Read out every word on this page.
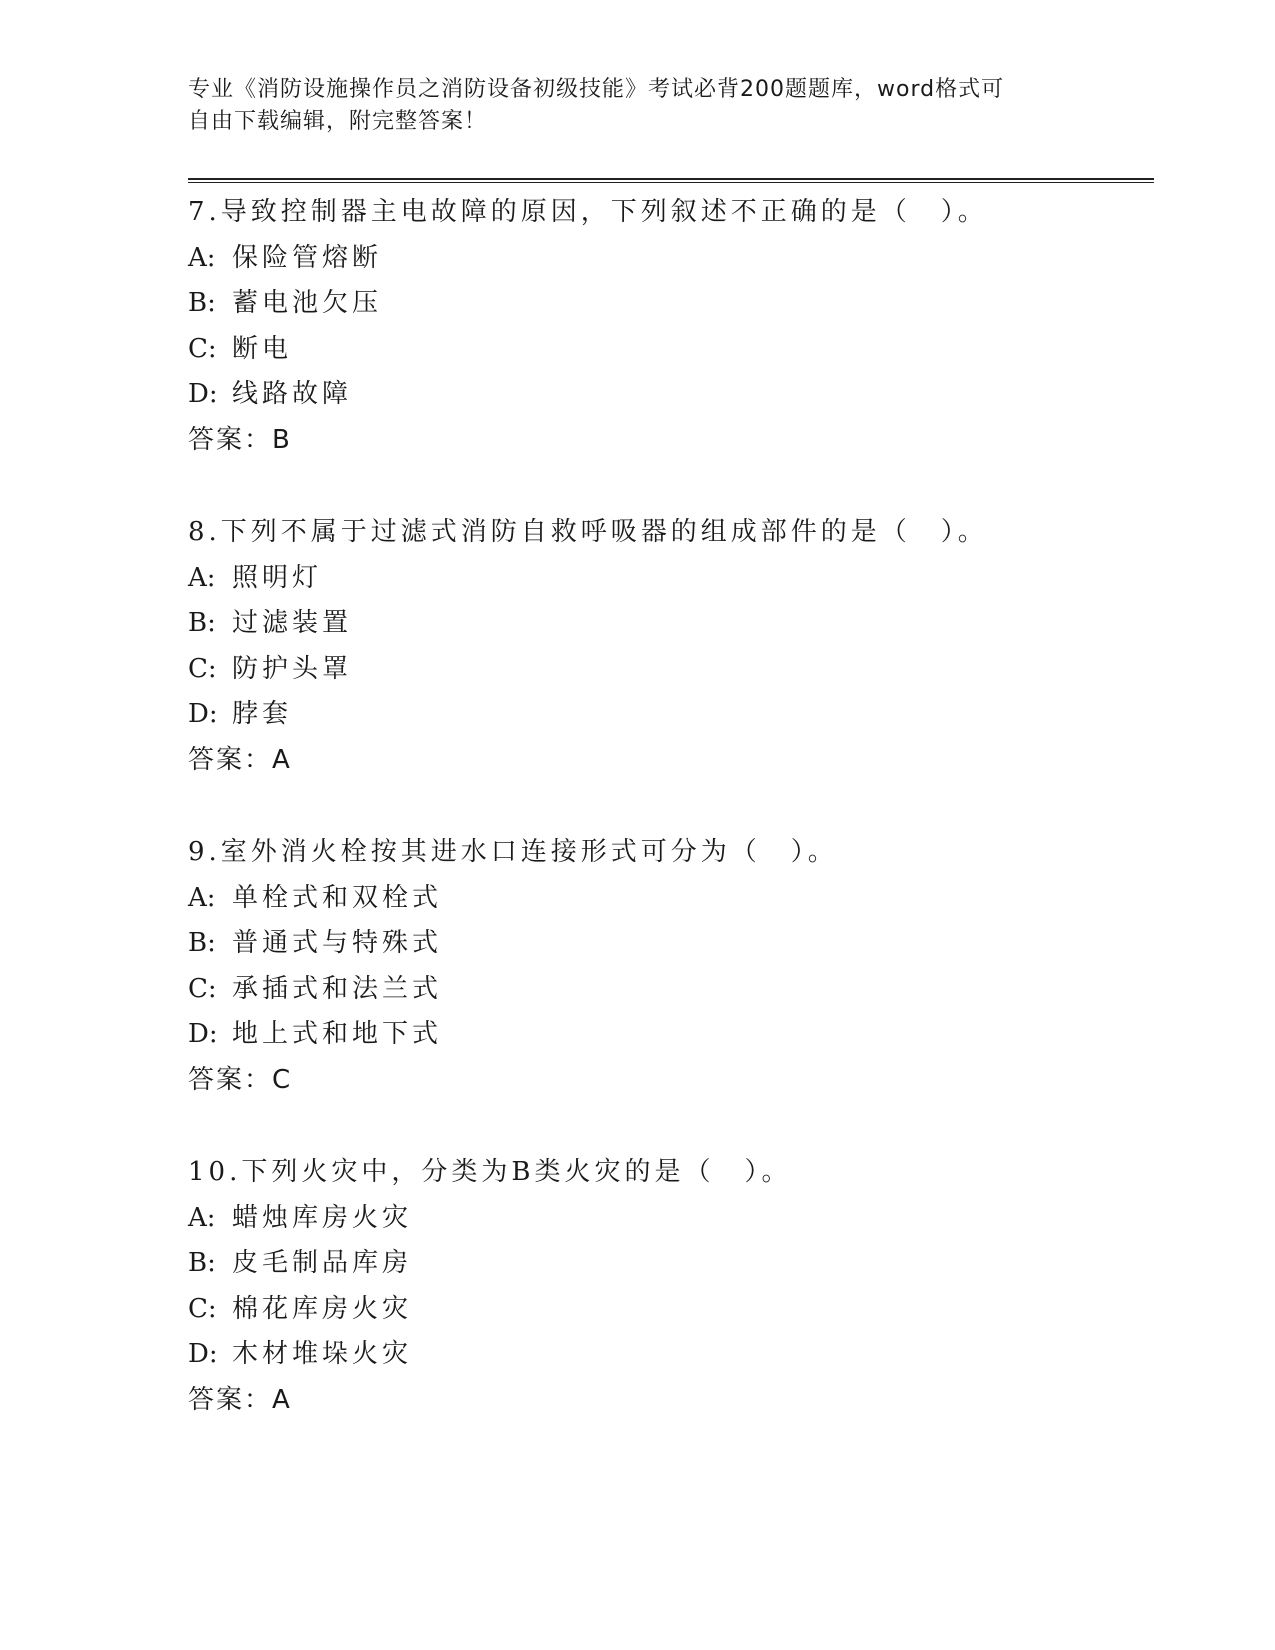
专业《消防设施操作员之消防设备初级技能》考试必背200题题库，word格式可
自由下载编辑，附完整答案！
7.导致控制器主电故障的原因，下列叙述不正确的是（　）。
A: 保险管熔断
B: 蓄电池欠压
C: 断电
D: 线路故障
答案：B
8.下列不属于过滤式消防自救呼吸器的组成部件的是（　）。
A: 照明灯
B: 过滤装置
C: 防护头罩
D: 脖套
答案：A
9.室外消火栓按其进水口连接形式可分为（　）。
A: 单栓式和双栓式
B: 普通式与特殊式
C: 承插式和法兰式
D: 地上式和地下式
答案：C
10.下列火灾中，分类为B类火灾的是（　）。
A: 蜡烛库房火灾
B: 皮毛制品库房
C: 棉花库房火灾
D: 木材堆垛火灾
答案：A
